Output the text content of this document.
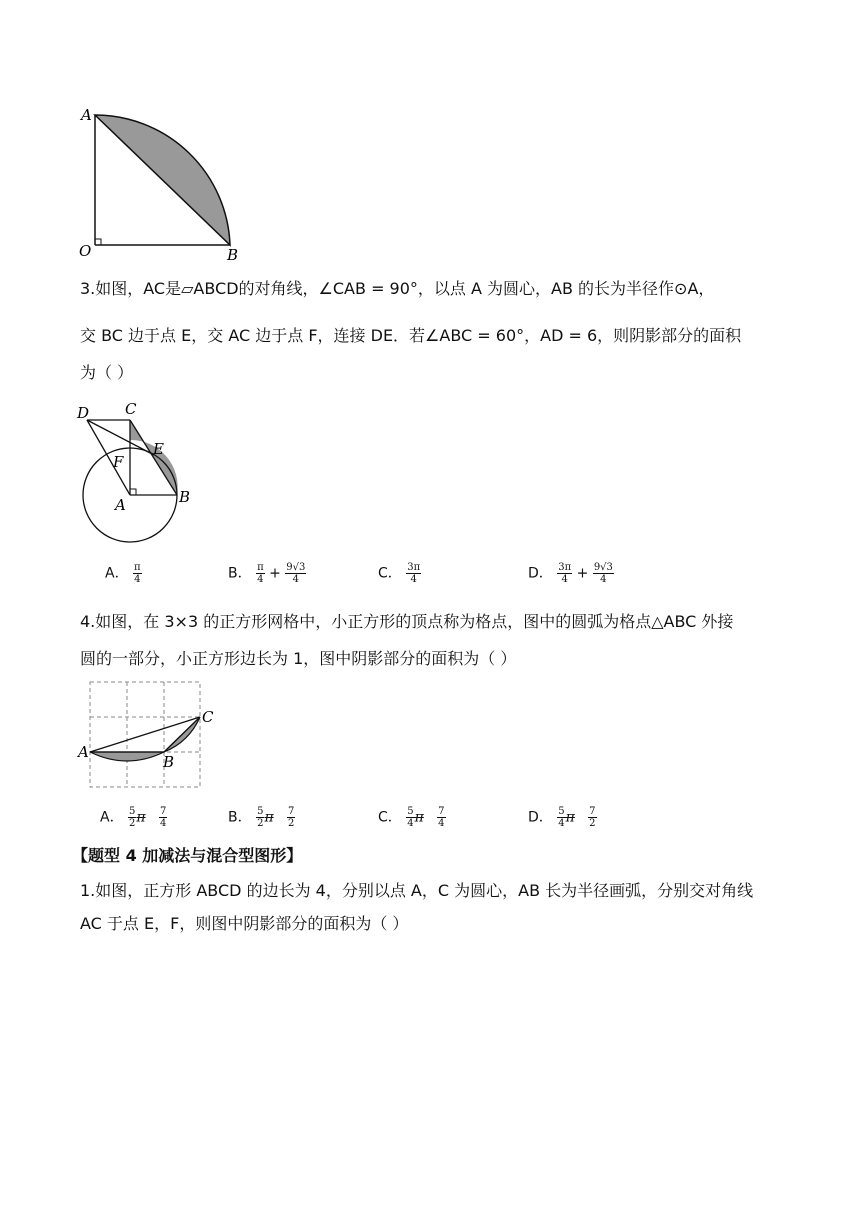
A
O	B
3.如图，AC是▱ABCD的对角线，∠CAB = 90°，以点 A 为圆心，AB 的长为半径作⊙A，
交 BC 边于点 E，交 AC 边于点 F，连接 DE．若∠ABC = 60°，AD = 6，则阴影部分的面积
为（ ）
D C
E
F
A	B
A． $\frac{\pi}{4}$	B． $\frac{\pi}{4} + \frac{9√3}{4}$	C． $\frac{3\pi}{4}$	D． $\frac{3\pi}{4} + \frac{9√3}{4}$
4.如图，在 3×3 的正方形网格中，小正方形的顶点称为格点，图中的圆弧为格点△ABC 外接
圆的一部分，小正方形边长为 1，图中阴影部分的面积为（ ）
A
B
C
A． $\frac{5}{2}$ π $\frac{7}{4}$	B． $\frac{5}{2}$ π $\frac{7}{2}$	C． $\frac{5}{4}$ π $\frac{7}{4}$	D． $\frac{5}{4}$ π $\frac{7}{2}$
【题型 4 加减法与混合型图形】
1.如图，正方形 ABCD 的边长为 4，分别以点 A，C 为圆心，AB 长为半径画弧，分别交对角线
AC 于点 E，F，则图中阴影部分的面积为（ ）
